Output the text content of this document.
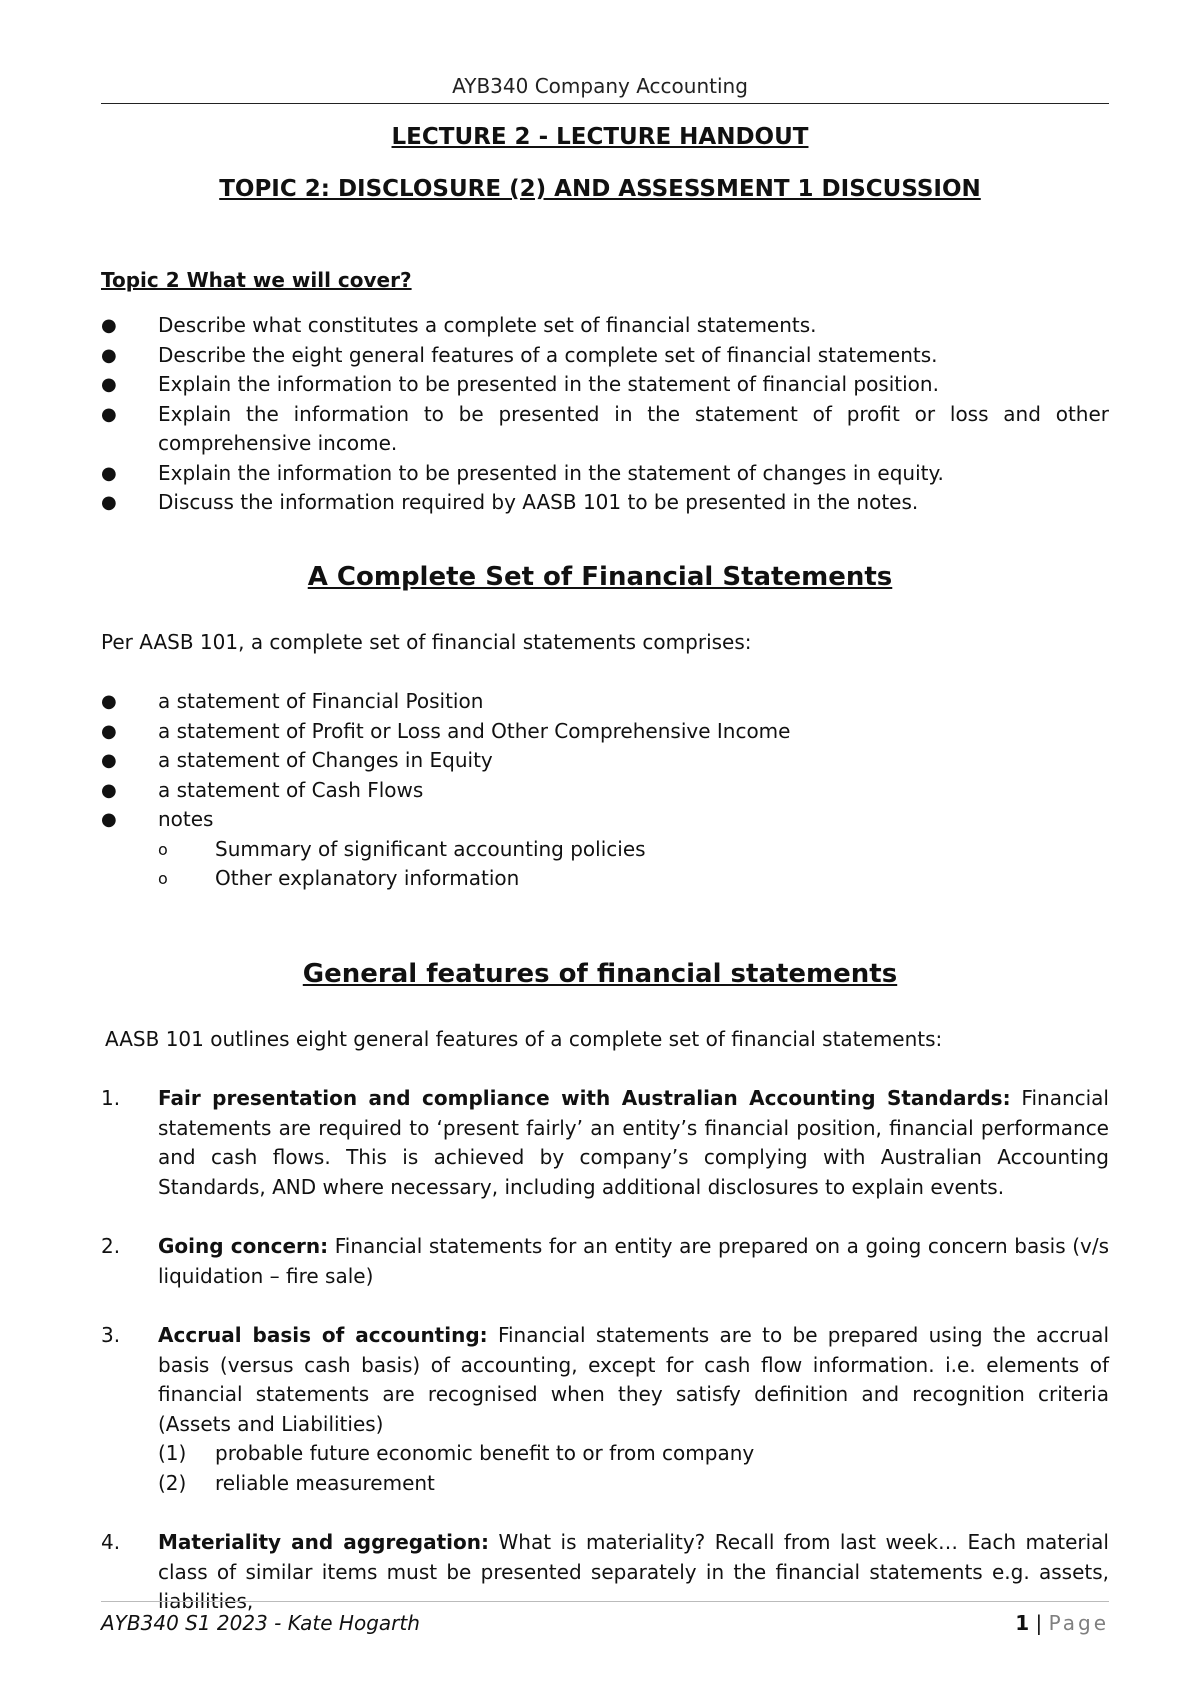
AYB340 Company Accounting
LECTURE 2 - LECTURE HANDOUT
TOPIC 2: DISCLOSURE (2) AND ASSESSMENT 1 DISCUSSION
Topic 2 What we will cover?
● Describe what constitutes a complete set of financial statements.
● Describe the eight general features of a complete set of financial statements.
● Explain the information to be presented in the statement of financial position.
● Explain the information to be presented in the statement of profit or loss and other comprehensive income.
● Explain the information to be presented in the statement of changes in equity.
● Discuss the information required by AASB 101 to be presented in the notes.
A Complete Set of Financial Statements
Per AASB 101, a complete set of financial statements comprises:
● a statement of Financial Position
● a statement of Profit or Loss and Other Comprehensive Income
● a statement of Changes in Equity
● a statement of Cash Flows
● notes
o Summary of significant accounting policies
o Other explanatory information
General features of financial statements
AASB 101 outlines eight general features of a complete set of financial statements:
1. Fair presentation and compliance with Australian Accounting Standards: Financial statements are required to ‘present fairly’ an entity’s financial position, financial performance and cash flows. This is achieved by company’s complying with Australian Accounting Standards, AND where necessary, including additional disclosures to explain events.
2. Going concern: Financial statements for an entity are prepared on a going concern basis (v/s liquidation – fire sale)
3. Accrual basis of accounting: Financial statements are to be prepared using the accrual basis (versus cash basis) of accounting, except for cash flow information. i.e. elements of financial statements are recognised when they satisfy definition and recognition criteria (Assets and Liabilities)
(1) probable future economic benefit to or from company
(2) reliable measurement
4. Materiality and aggregation: What is materiality? Recall from last week… Each material class of similar items must be presented separately in the financial statements e.g. assets, liabilities,
AYB340 S1 2023 - Kate Hogarth	1 | Page
